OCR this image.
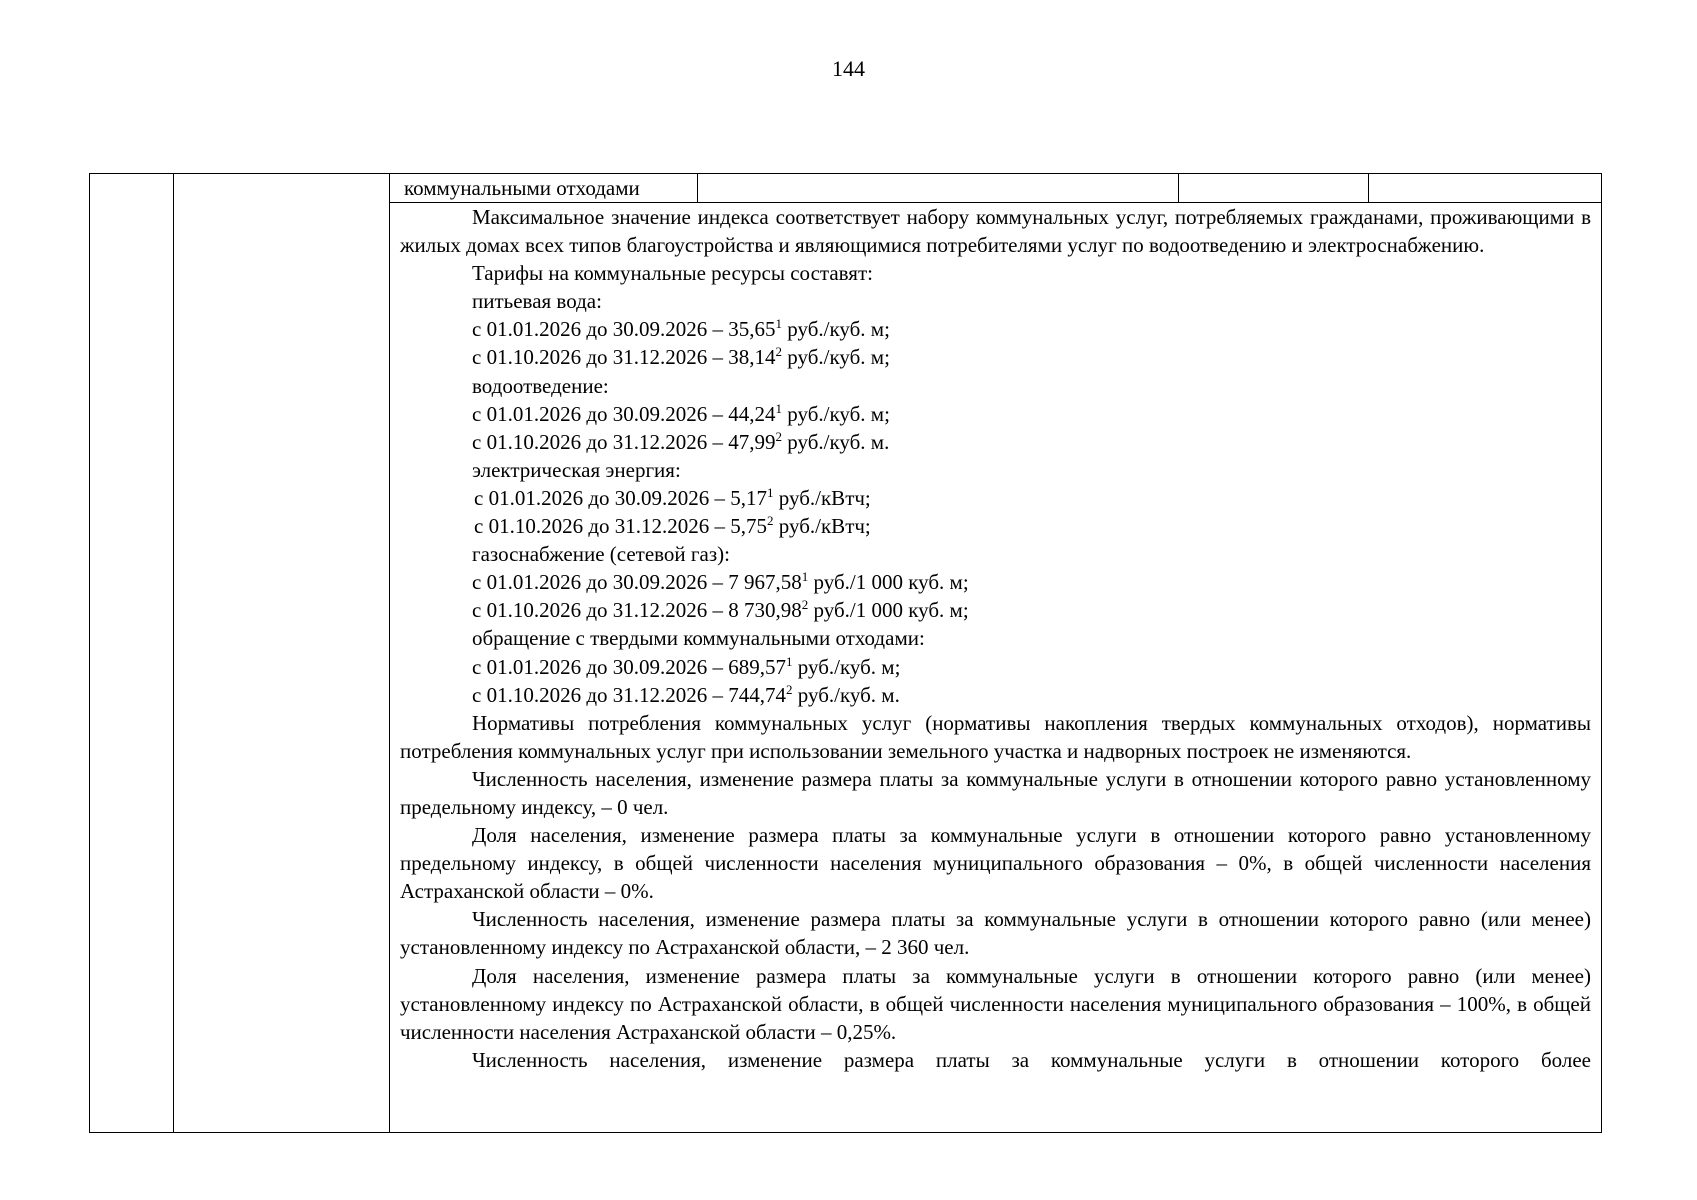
144
коммунальными отходами

Максимальное значение индекса соответствует набору коммунальных услуг, потребляемых гражданами, проживающими в жилых домах всех типов благоустройства и являющимися потребителями услуг по водоотведению и электроснабжению.

Тарифы на коммунальные ресурсы составят:

питьевая вода:

с 01.01.2026 до 30.09.2026 – 35,65$^1$ руб./куб. м;

с 01.10.2026 до 31.12.2026 – 38,14$^2$ руб./куб. м;

водоотведение:

с 01.01.2026 до 30.09.2026 – 44,24$^1$ руб./куб. м;

с 01.10.2026 до 31.12.2026 – 47,99$^2$ руб./куб. м.

электрическая энергия:

с 01.01.2026 до 30.09.2026 – 5,17$^1$ руб./кВтч;

с 01.10.2026 до 31.12.2026 – 5,75$^2$ руб./кВтч;

газоснабжение (сетевой газ):

с 01.01.2026 до 30.09.2026 – 7 967,58$^1$ руб./1 000 куб. м;

с 01.10.2026 до 31.12.2026 – 8 730,98$^2$ руб./1 000 куб. м;

обращение с твердыми коммунальными отходами:

с 01.01.2026 до 30.09.2026 – 689,57$^1$ руб./куб. м;

с 01.10.2026 до 31.12.2026 – 744,74$^2$ руб./куб. м.

Нормативы потребления коммунальных услуг (нормативы накопления твердых коммунальных отходов), нормативы потребления коммунальных услуг при использовании земельного участка и надворных построек не изменяются.

Численность населения, изменение размера платы за коммунальные услуги в отношении которого равно установленному предельному индексу, – 0 чел.

Доля населения, изменение размера платы за коммунальные услуги в отношении которого равно установленному предельному индексу, в общей численности населения муниципального образования – 0%, в общей численности населения Астраханской области – 0%.

Численность населения, изменение размера платы за коммунальные услуги в отношении которого равно (или менее) установленному индексу по Астраханской области, – 2 360 чел.

Доля населения, изменение размера платы за коммунальные услуги в отношении которого равно (или менее) установленному индексу по Астраханской области, в общей численности населения муниципального образования – 100%, в общей численности населения Астраханской области – 0,25%.

Численность населения, изменение размера платы за коммунальные услуги в отношении которого более
